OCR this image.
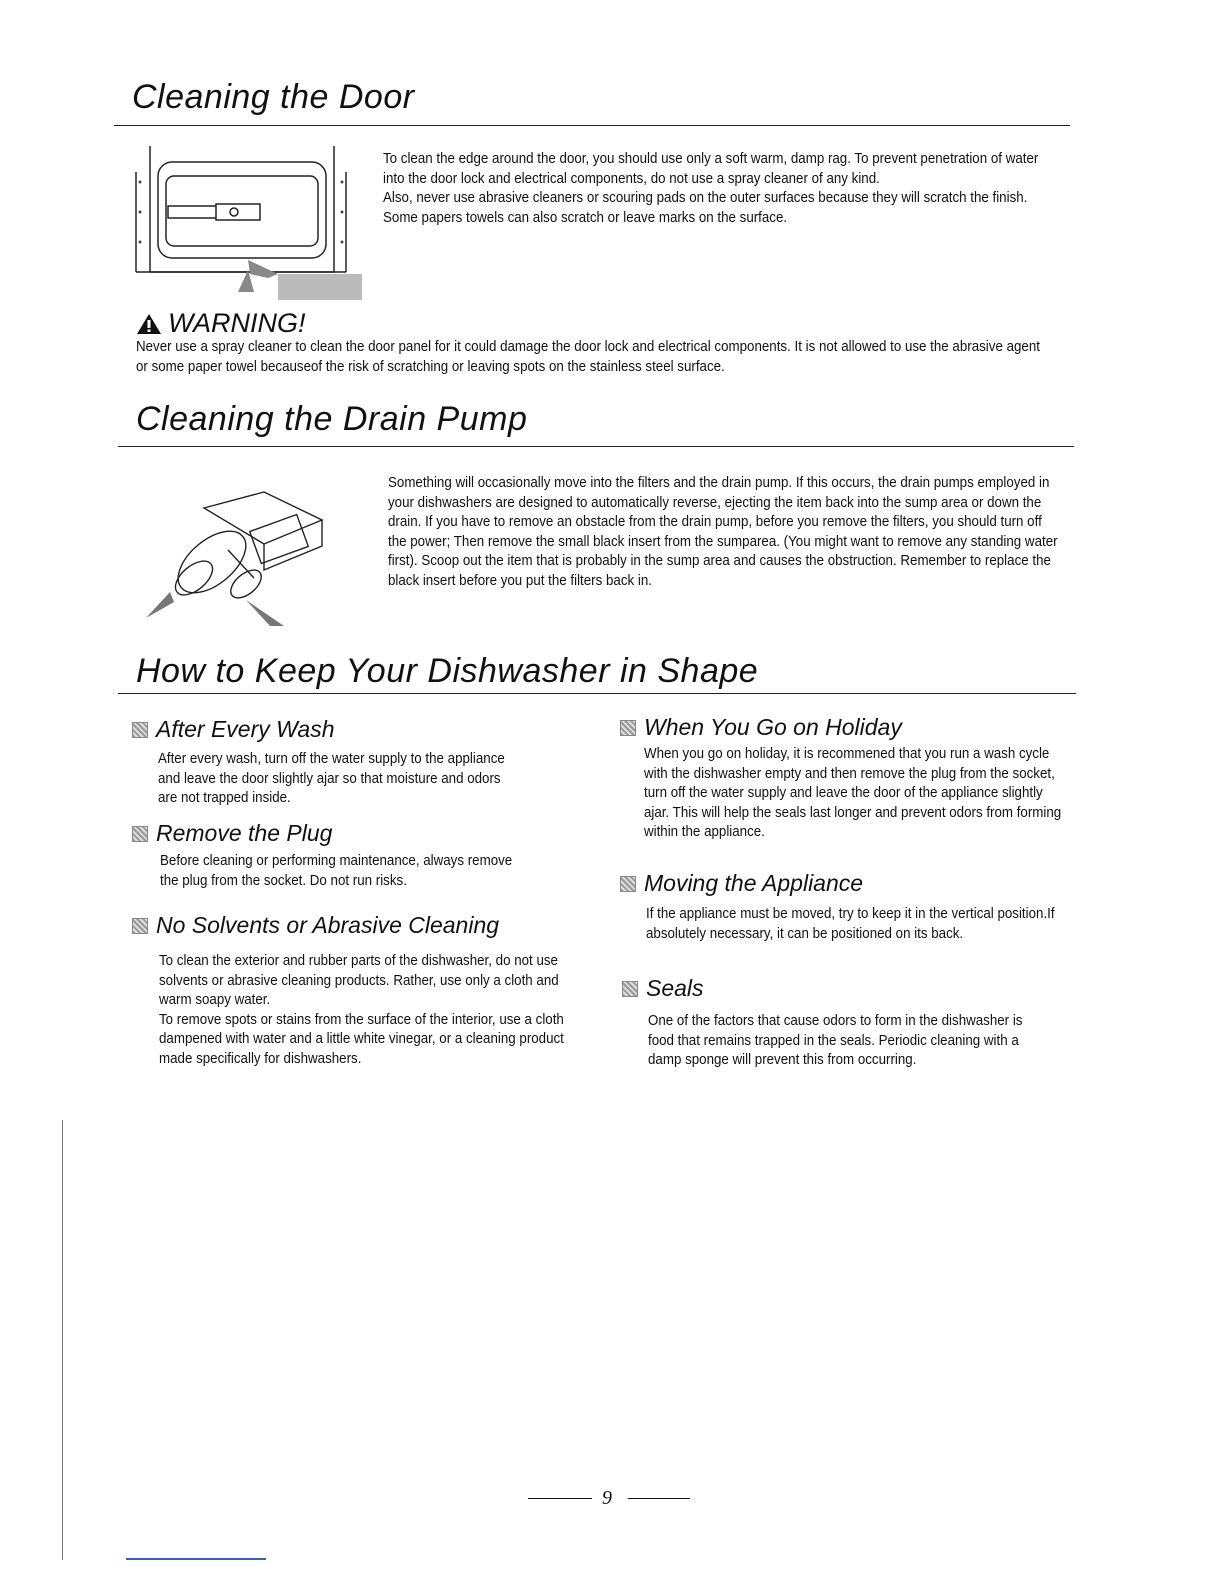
Cleaning the Door

To clean the edge around the door, you should use only a soft warm, damp rag. To prevent penetration of water into the door lock and electrical components, do not use a spray cleaner of any kind.

Also, never use abrasive cleaners or scouring pads on the outer surfaces because they will scratch the finish. Some papers towels can also scratch or leave marks on the surface.

WARNING!
Never use a spray cleaner to clean the door panel for it could damage the door lock and electrical components. It is not allowed to use the abrasive agent or some paper towel becauseof the risk of scratching or leaving spots on the stainless steel surface.
Cleaning the Drain Pump
Something will occasionally move into the filters and the drain pump. If this occurs, the drain pumps employed in your dishwashers are designed to automatically reverse, ejecting the item back into the sump area or down the drain. If you have to remove an obstacle from the drain pump, before you remove the filters, you should turn off the power; Then remove the small black insert from the sumparea. (You might want to remove any standing water first). Scoop out the item that is probably in the sump area and causes the obstruction. Remember to replace the black insert before you put the filters back in.
How to Keep Your Dishwasher in Shape
After Every Wash
After every wash, turn off the water supply to the appliance and leave the door slightly ajar so that moisture and odors are not trapped inside.
Remove the Plug
Before cleaning or performing maintenance, always remove the plug from the socket. Do not run risks.
No Solvents or Abrasive Cleaning

To clean the exterior and rubber parts of the dishwasher, do not use solvents or abrasive cleaning products. Rather, use only a cloth and warm soapy water.

To remove spots or stains from the surface of the interior, use a cloth dampened with water and a little white vinegar, or a cleaning product made specifically for dishwashers.

When You Go on Holiday
When you go on holiday, it is recommened that you run a wash cycle with the dishwasher empty and then remove the plug from the socket, turn off the water supply and leave the door of the appliance slightly ajar. This will help the seals last longer and prevent odors from forming within the appliance.
Moving the Appliance
If the appliance must be moved, try to keep it in the vertical position.If absolutely necessary, it can be positioned on its back.
Seals
One of the factors that cause odors to form in the dishwasher is food that remains trapped in the seals. Periodic cleaning with a damp sponge will prevent this from occurring.
9
